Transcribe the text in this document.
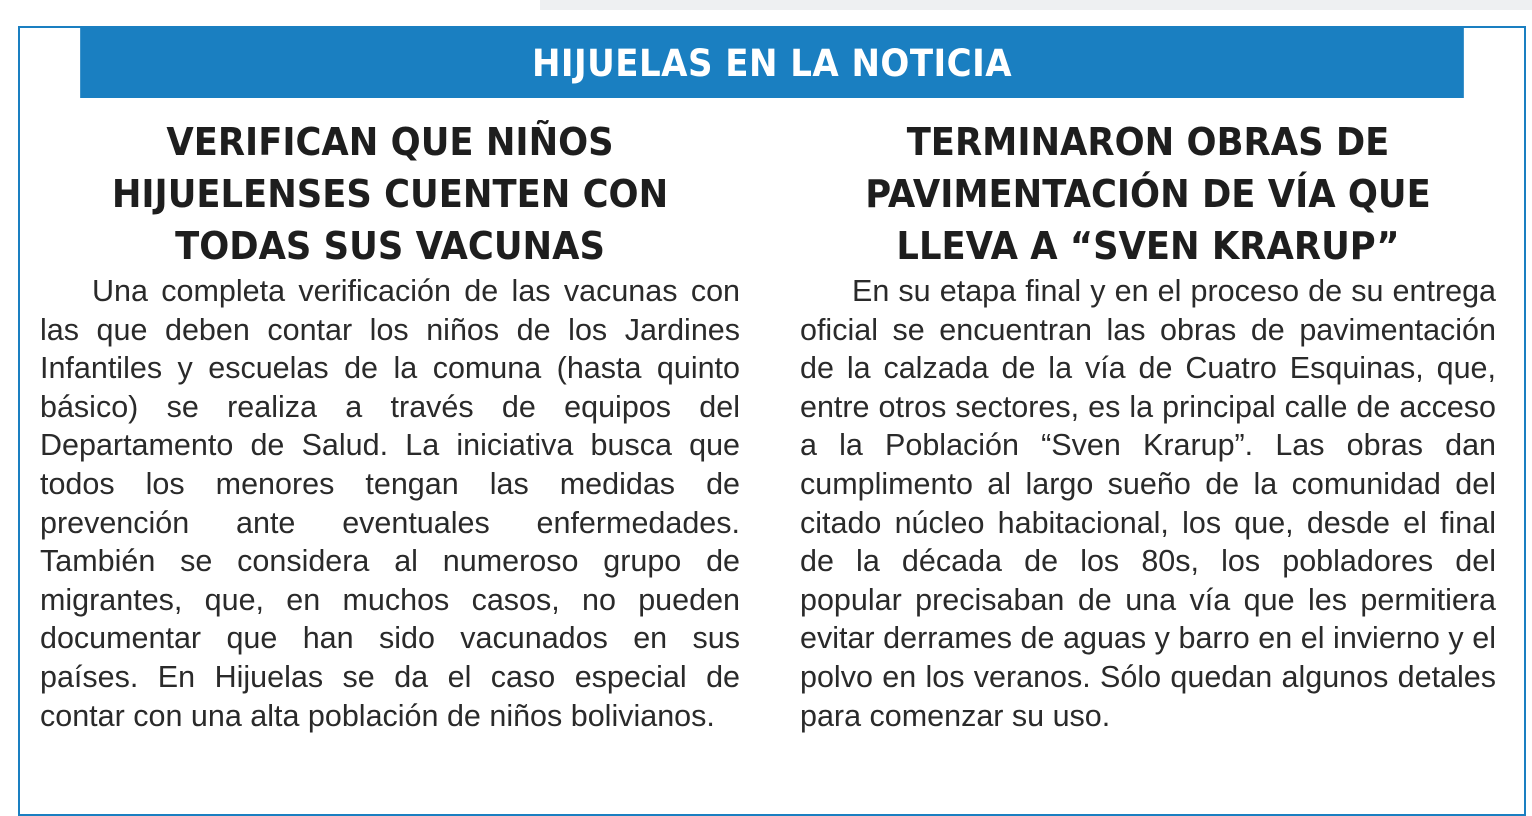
HIJUELAS EN LA NOTICIA
VERIFICAN QUE NIÑOS HIJUELENSES CUENTEN CON TODAS SUS VACUNAS

Una completa verificación de las vacunas con las que deben contar los niños de los Jardines Infantiles y escuelas de la comuna (hasta quinto básico) se realiza a través de equipos del Departamento de Salud. La iniciativa busca que todos los menores tengan las medidas de prevención ante eventuales enfermedades. También se considera al numeroso grupo de migrantes, que, en muchos casos, no pueden documentar que han sido vacunados en sus países. En Hijuelas se da el caso especial de contar con una alta población de niños bolivianos.

TERMINARON OBRAS DE PAVIMENTACIÓN DE VÍA QUE LLEVA A “SVEN KRARUP”

En su etapa final y en el proceso de su entrega oficial se encuentran las obras de pavimentación de la calzada de la vía de Cuatro Esquinas, que, entre otros sectores, es la principal calle de acceso a la Población “Sven Krarup”. Las obras dan cumplimento al largo sueño de la comunidad del citado núcleo habitacional, los que, desde el final de la década de los 80s, los pobladores del popular precisaban de una vía que les permitiera evitar derrames de aguas y barro en el invierno y el polvo en los veranos. Sólo quedan algunos detales para comenzar su uso.
